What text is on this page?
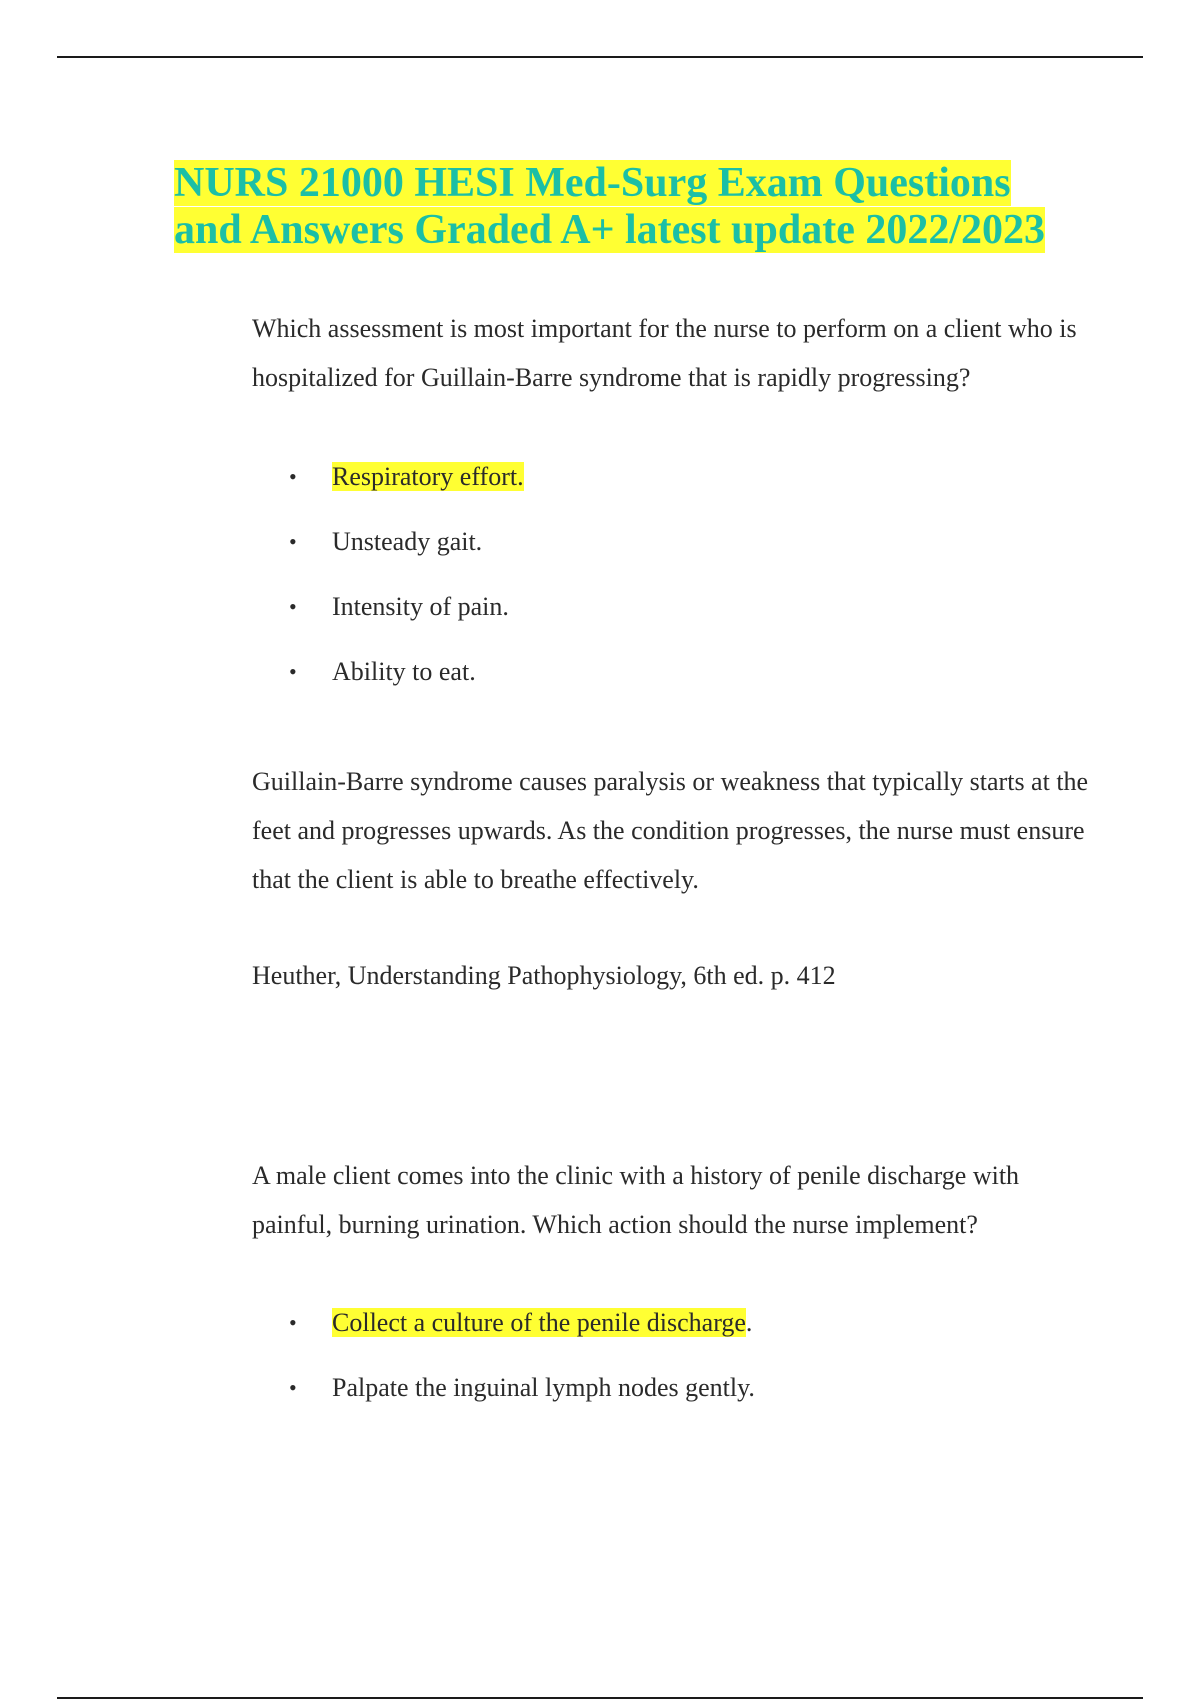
NURS 21000 HESI Med-Surg Exam Questions and Answers Graded A+ latest update 2022/2023

Which assessment is most important for the nurse to perform on a client who is hospitalized for Guillain-Barre syndrome that is rapidly progressing?

• Respiratory effort.
• Unsteady gait.
• Intensity of pain.
• Ability to eat.

Guillain-Barre syndrome causes paralysis or weakness that typically starts at the feet and progresses upwards. As the condition progresses, the nurse must ensure that the client is able to breathe effectively.

Heuther, Understanding Pathophysiology, 6th ed. p. 412

A male client comes into the clinic with a history of penile discharge with painful, burning urination. Which action should the nurse implement?

• Collect a culture of the penile discharge.
• Palpate the inguinal lymph nodes gently.
